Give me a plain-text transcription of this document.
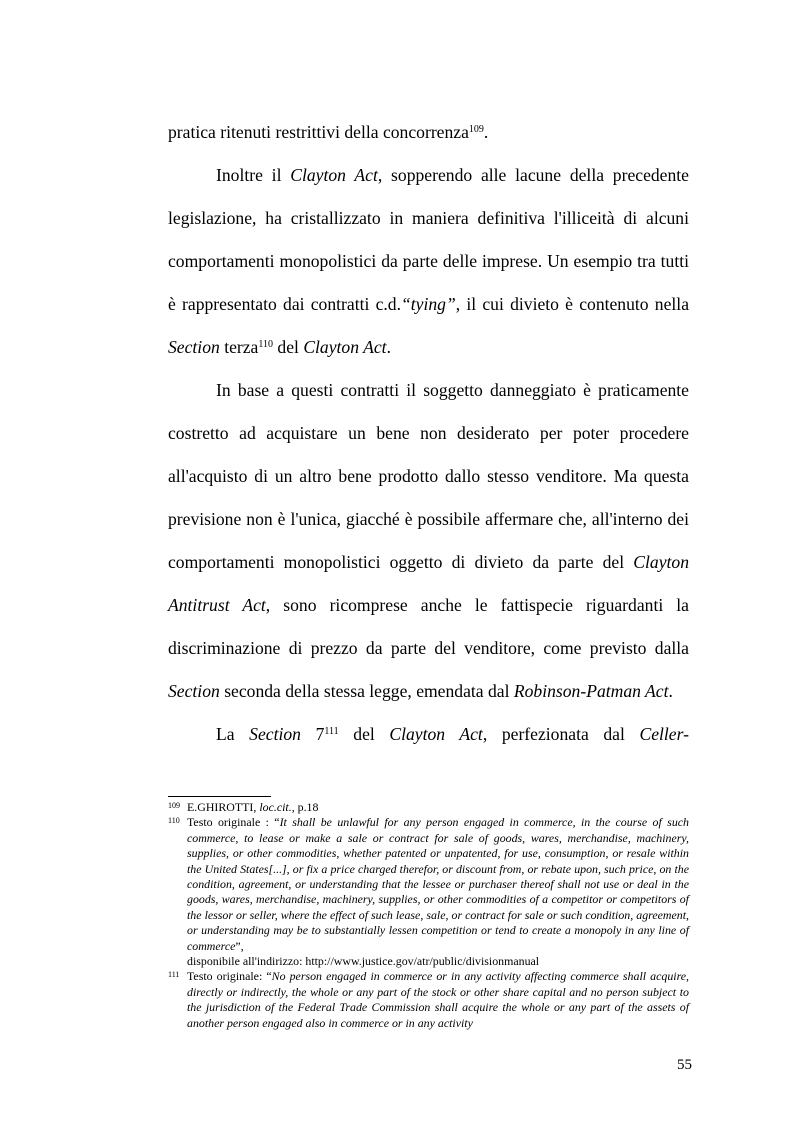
pratica ritenuti restrittivi della concorrenza$^{109}$.

Inoltre il Clayton Act, sopperendo alle lacune della precedente legislazione, ha cristallizzato in maniera definitiva l'illiceità di alcuni comportamenti monopolistici da parte delle imprese. Un esempio tra tutti è rappresentato dai contratti c.d.“tying”, il cui divieto è contenuto nella Section terza$^{110}$ del Clayton Act.

In base a questi contratti il soggetto danneggiato è praticamente costretto ad acquistare un bene non desiderato per poter procedere all'acquisto di un altro bene prodotto dallo stesso venditore. Ma questa previsione non è l'unica, giacché è possibile affermare che, all'interno dei comportamenti monopolistici oggetto di divieto da parte del Clayton Antitrust Act, sono ricomprese anche le fattispecie riguardanti la discriminazione di prezzo da parte del venditore, come previsto dalla Section seconda della stessa legge, emendata dal Robinson-Patman Act.

La Section $7^{111}$ del Clayton Act, perfezionata dal Celler-

109 E.GHIROTTI, loc.cit., p.18
110 Testo originale : “It shall be unlawful for any person engaged in commerce, in the course of such commerce, to lease or make a sale or contract for sale of goods, wares, merchandise, machinery, supplies, or other commodities, whether patented or unpatented, for use, consumption, or resale within the United States[...], or fix a price charged therefor, or discount from, or rebate upon, such price, on the condition, agreement, or understanding that the lessee or purchaser thereof shall not use or deal in the goods, wares, merchandise, machinery, supplies, or other commodities of a competitor or competitors of the lessor or seller, where the effect of such lease, sale, or contract for sale or such condition, agreement, or understanding may be to substantially lessen competition or tend to create a monopoly in any line of commerce”,
disponibile all'indirizzo: http://www.justice.gov/atr/public/divisionmanual
111 Testo originale: “No person engaged in commerce or in any activity affecting commerce shall acquire, directly or indirectly, the whole or any part of the stock or other share capital and no person subject to the jurisdiction of the Federal Trade Commission shall acquire the whole or any part of the assets of another person engaged also in commerce or in any activity
55
